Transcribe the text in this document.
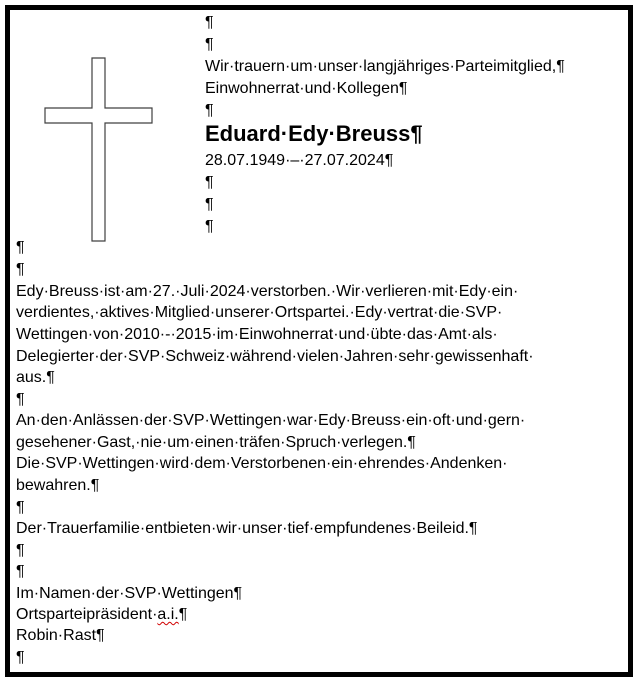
¶
¶
Wir·trauern·um·unser·langjähriges·Parteimitglied,¶
Einwohnerrat·und·Kollegen¶
¶
Eduard·Edy·Breuss¶
28.07.1949·–·27.07.2024¶
¶
¶
¶
¶
¶
Edy·Breuss·ist·am·27.·Juli·2024·verstorben.·Wir·verlieren·mit·Edy·ein·
verdientes,·aktives·Mitglied·unserer·Ortspartei.·Edy·vertrat·die·SVP·
Wettingen·von·2010·-·2015·im·Einwohnerrat·und·übte·das·Amt·als·
Delegierter·der·SVP·Schweiz·während·vielen·Jahren·sehr·gewissenhaft·
aus.¶
¶
An·den·Anlässen·der·SVP·Wettingen·war·Edy·Breuss·ein·oft·und·gern·
gesehener·Gast,·nie·um·einen·träfen·Spruch·verlegen.¶
Die·SVP·Wettingen·wird·dem·Verstorbenen·ein·ehrendes·Andenken·
bewahren.¶
¶
Der·Trauerfamilie·entbieten·wir·unser·tief·empfundenes·Beileid.¶
¶
¶
Im·Namen·der·SVP·Wettingen¶
Ortsparteipräsident·a.i.¶
Robin·Rast¶
¶
